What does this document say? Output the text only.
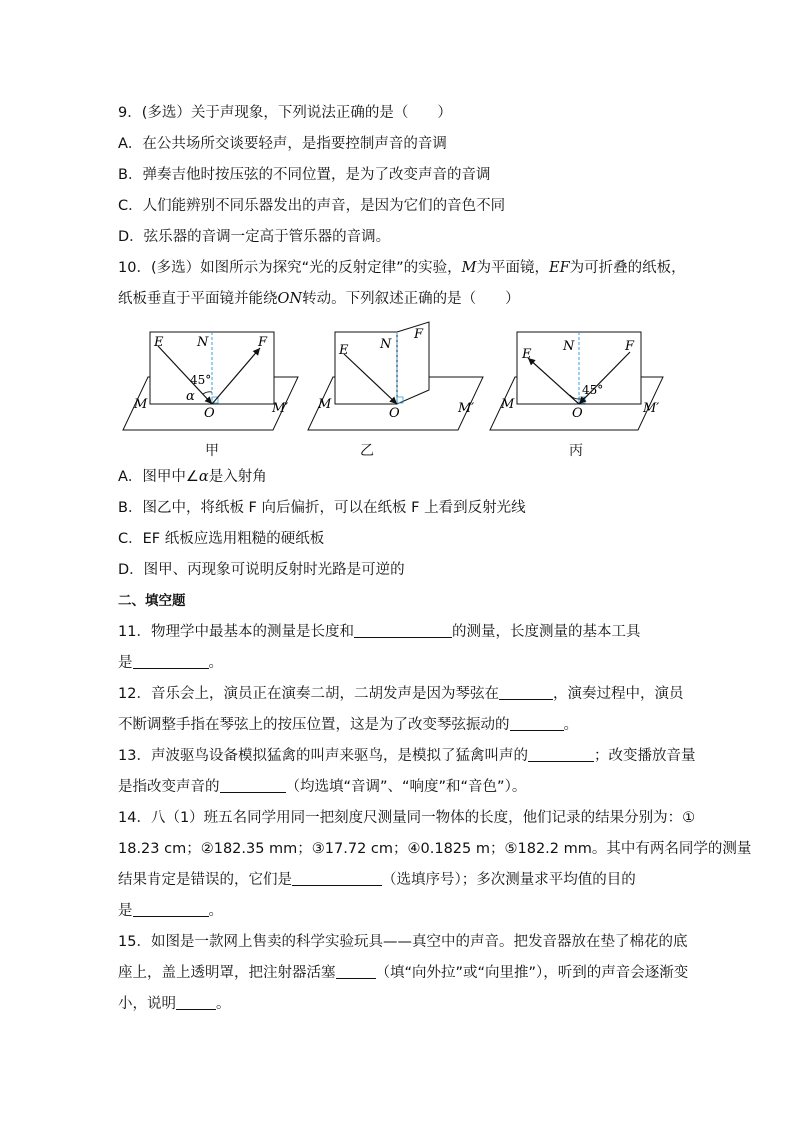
9．(多选）关于声现象，下列说法正确的是（　　）
A．在公共场所交谈要轻声，是指要控制声音的音调
B．弹奏吉他时按压弦的不同位置，是为了改变声音的音调
C．人们能辨别不同乐器发出的声音，是因为它们的音色不同
D．弦乐器的音调一定高于管乐器的音调。
10．(多选）如图所示为探究“光的反射定律”的实验，M为平面镜，EF为可折叠的纸板，
纸板垂直于平面镜并能绕ON转动。下列叙述正确的是（　　）
E	N	F
45°
α
O
M	M′
E N
F
O
M	M′
E
N	F
45°
O
M	M′
甲	乙	丙
A．图甲中∠α是入射角
B．图乙中，将纸板 F 向后偏折，可以在纸板 F 上看到反射光线
C．EF 纸板应选用粗糙的硬纸板
D．图甲、丙现象可说明反射时光路是可逆的
二、填空题
11．物理学中最基本的测量是长度和	的测量，长度测量的基本工具
是	。
12．音乐会上，演员正在演奏二胡，二胡发声是因为琴弦在	，演奏过程中，演员
不断调整手指在琴弦上的按压位置，这是为了改变琴弦振动的	。
13．声波驱鸟设备模拟猛禽的叫声来驱鸟，是模拟了猛禽叫声的	；改变播放音量
是指改变声音的	（均选填“音调”、“响度”和“音色”）。
14．八（1）班五名同学用同一把刻度尺测量同一物体的长度，他们记录的结果分别为：①
18.23 cm；②182.35 mm；③17.72 cm；④0.1825 m；⑤182.2 mm。其中有两名同学的测量
结果肯定是错误的，它们是	（选填序号）；多次测量求平均值的目的
是	。
15．如图是一款网上售卖的科学实验玩具——真空中的声音。把发音器放在垫了棉花的底
座上，盖上透明罩，把注射器活塞	（填“向外拉”或“向里推”），听到的声音会逐渐变
小，说明	。
